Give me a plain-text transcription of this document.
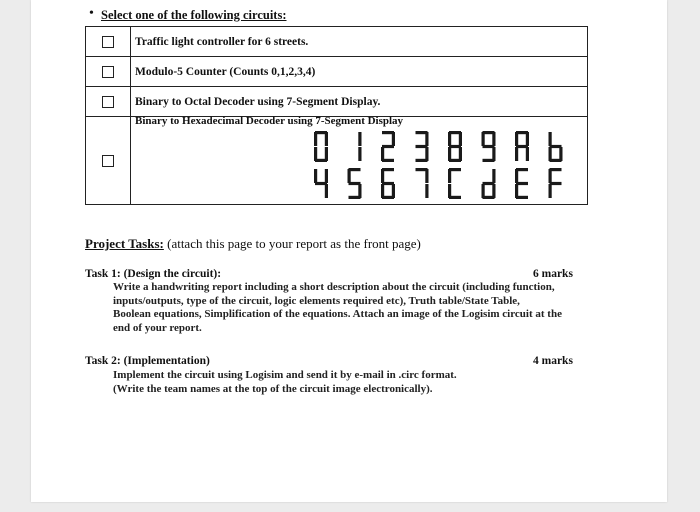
• Select one of the following circuits:
	Traffic light controller for 6 streets.
	Modulo-5 Counter (Counts 0,1,2,3,4)
	Binary to Octal Decoder using 7-Segment Display.

	Binary to Hexadecimal Decoder using 7-Segment Display
Project Tasks: (attach this page to your report as the front page)
Task 1: (Design the circuit):	6 marks
Write a handwriting report including a short description about the circuit (including function,
inputs/outputs, type of the circuit, logic elements required etc), Truth table/State Table,
Boolean equations, Simplification of the equations. Attach an image of the Logisim circuit at the
end of your report.
Task 2: (Implementation)	4 marks
Implement the circuit using Logisim and send it by e-mail in .circ format.
(Write the team names at the top of the circuit image electronically).
